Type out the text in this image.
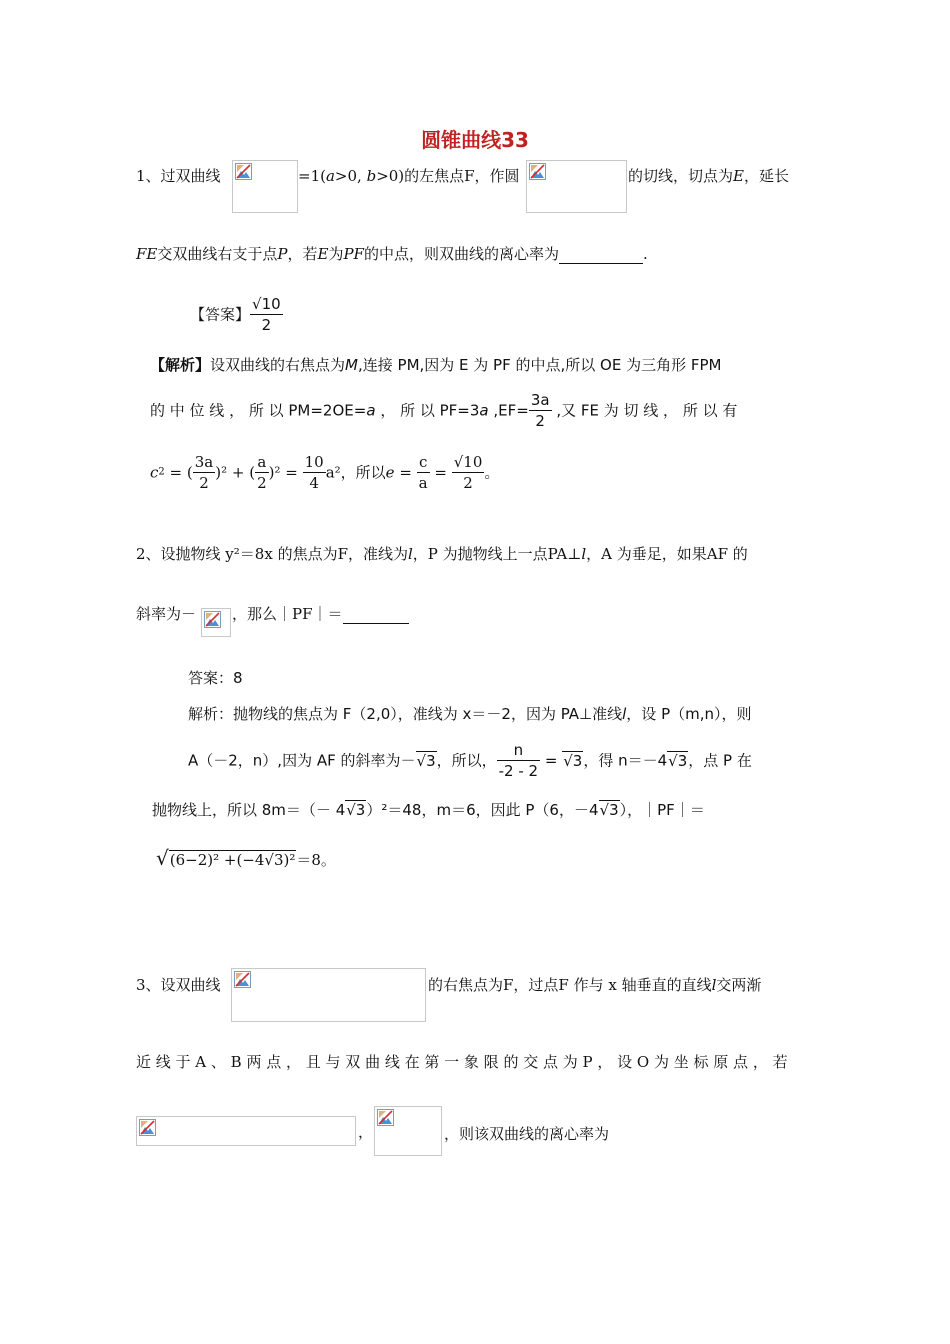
圆锥曲线33
1、过双曲线	=1(a>0, b>0)的左焦点F，作圆	的切线，切点为E，延长
FE交双曲线右支于点P，若E为PF的中点，则双曲线的离心率为	.
【答案】 $\frac{√10}{2}$
【解析】设双曲线的右焦点为M,连接 PM,因为 E 为 PF 的中点,所以 OE 为三角形 FPM
的 中 位 线 ， 所 以 PM=2OE=a ， 所 以 PF=3a $,EF= \frac{3a}{2}$ ,又 FE 为 切 线 ， 所 以 有
c2 = ( $\frac{3a}{2} )^2$ + ( $\frac{a}{2} )^2 = \frac{10}{4} a^2$，所以$e = \frac{c}{a} = \frac{√10}{2}$ 。
2、设抛物线 y²＝8x 的焦点为F，准线为l，P 为抛物线上一点PA⊥l，A 为垂足，如果AF 的
斜率为－ ，那么｜PF｜＝
答案：8
解析：抛物线的焦点为 F（2,0），准线为 x＝－2，因为 PA⊥准线l，设 P（m,n），则
A（－2，n）,因为 AF 的斜率为－√3，所以， $\frac{n}{-2 - 2} = √3$，得 n＝－4√3，点 P 在
抛物线上，所以 8m＝（－ 4√3）²＝48，m＝6，因此 P（6，－4√3），｜PF｜＝
√(6−2)² +(−4√3)²＝8。
3、设双曲线	的右焦点为F，过点F 作与 x 轴垂直的直线l交两渐
近 线 于 A 、 B 两 点 ， 且 与 双 曲 线 在 第 一 象 限 的 交 点 为 P ， 设 O 为 坐 标 原 点 ， 若
，	，则该双曲线的离心率为
